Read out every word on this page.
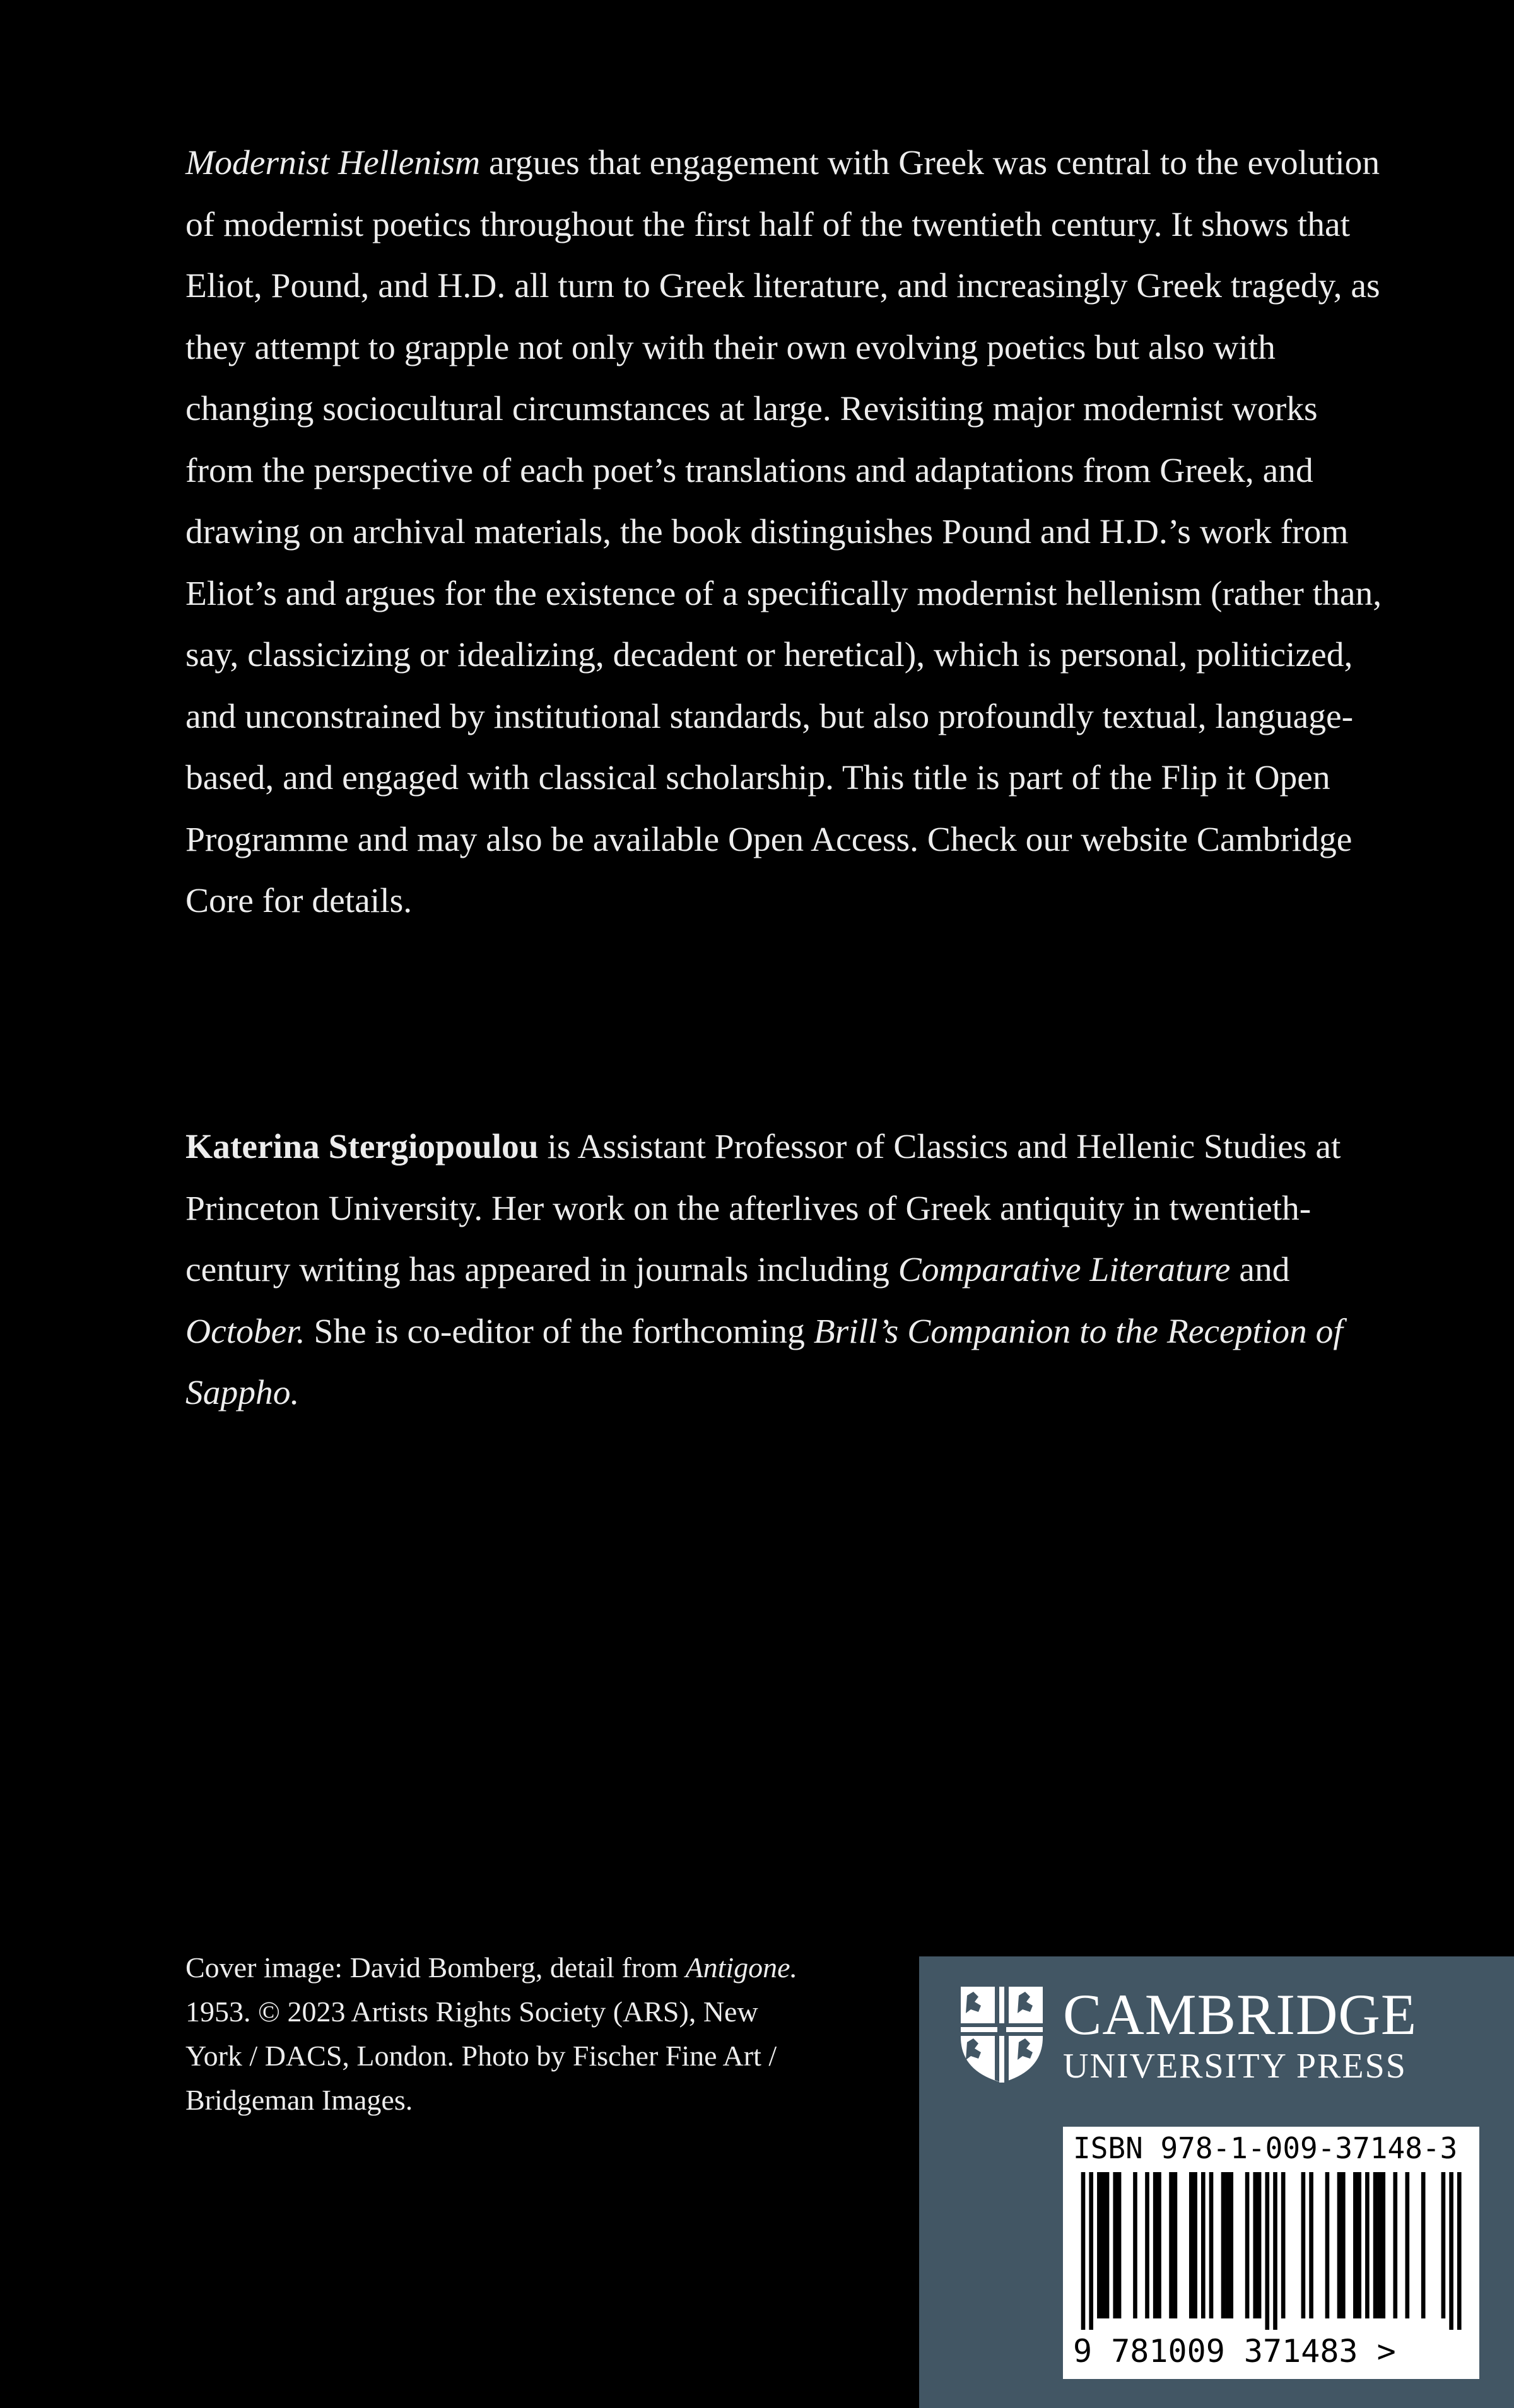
Modernist Hellenism argues that engagement with Greek was central to the evolution of modernist poetics throughout the first half of the twentieth century. It shows that Eliot, Pound, and H.D. all turn to Greek literature, and increasingly Greek tragedy, as they attempt to grapple not only with their own evolving poetics but also with changing sociocultural circumstances at large. Revisiting major modernist works from the perspective of each poet’s translations and adaptations from Greek, and drawing on archival materials, the book distinguishes Pound and H.D.’s work from Eliot’s and argues for the existence of a specifically modernist hellenism (rather than, say, classicizing or idealizing, decadent or heretical), which is personal, politicized, and unconstrained by institutional standards, but also profoundly textual, language-based, and engaged with classical scholarship. This title is part of the Flip it Open Programme and may also be available Open Access. Check our website Cambridge Core for details.

Katerina Stergiopoulou is Assistant Professor of Classics and Hellenic Studies at Princeton University. Her work on the afterlives of Greek antiquity in twentieth-century writing has appeared in journals including Comparative Literature and October. She is co-editor of the forthcoming Brill’s Companion to the Reception of Sappho.

Cover image: David Bomberg, detail from Antigone. 1953. © 2023 Artists Rights Society (ARS), New York / DACS, London. Photo by Fischer Fine Art / Bridgeman Images.

CAMBRIDGE
UNIVERSITY PRESS
ISBN 978-1-009-37148-3
9 781009 371483 >
